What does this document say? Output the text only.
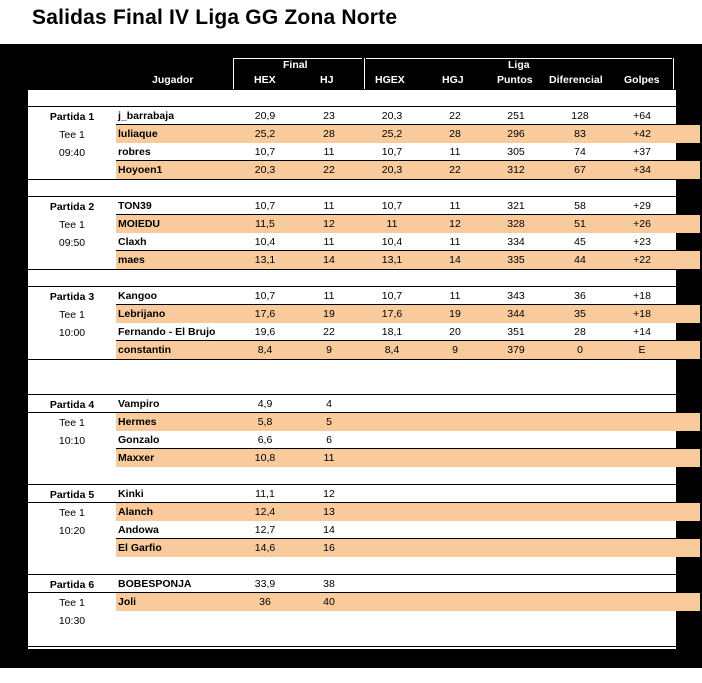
Salidas Final IV Liga GG Zona Norte
Final	Liga
Jugador	HEX	HJ	HGEX	HGJ	Puntos Diferencial Golpes
Partida 1
Tee 1
09:40
j_barrabaja	20,9	23	20,3	22	251	128	+64
luliaque	25,2	28	25,2	28	296	83	+42
robres	10,7	11	10,7	11	305	74	+37
Hoyoen1	20,3	22	20,3	22	312	67	+34
Partida 2
Tee 1
09:50
TON39	10,7	11	10,7	11	321	58	+29
MOIEDU	11,5	12	11	12	328	51	+26
Claxh	10,4	11	10,4	11	334	45	+23
maes	13,1	14	13,1	14	335	44	+22
Partida 3
Tee 1
10:00
Kangoo	10,7	11	10,7	11	343	36	+18
Lebrijano	17,6	19	17,6	19	344	35	+18
Fernando - El Brujo	19,6	22	18,1	20	351	28	+14
constantin	8,4	9	8,4	9	379	0	E
Partida 4
Tee 1
10:10
Vampiro	4,9	4
Hermes	5,8	5
Gonzalo	6,6	6
Maxxer	10,8	11
Partida 5
Tee 1
10:20
Kinki	11,1	12
Alanch	12,4	13
Andowa	12,7	14
El Garfio	14,6	16
Partida 6
Tee 1
10:30
BOBESPONJA	33,9	38
Joli	36	40
